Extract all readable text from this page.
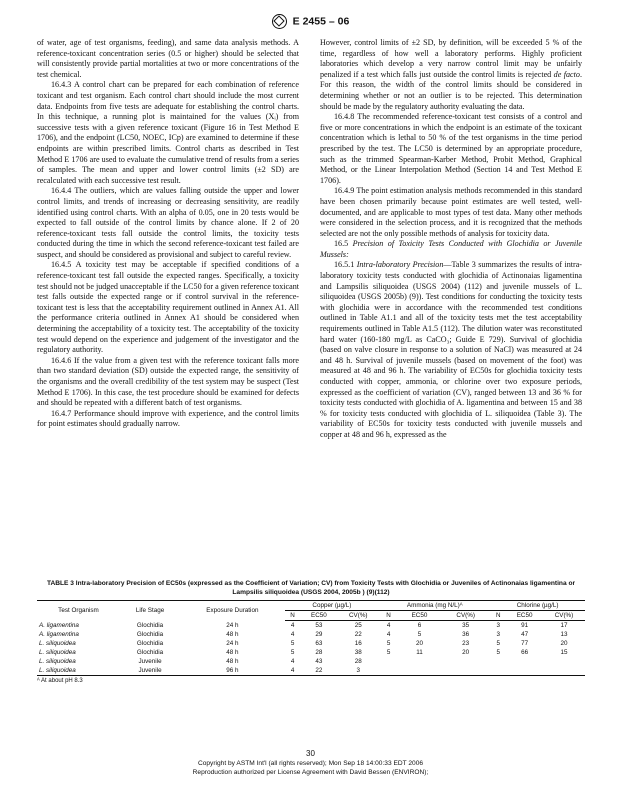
E 2455 – 06

of water, age of test organisms, feeding), and same data analysis methods. A reference-toxicant concentration series (0.5 or higher) should be selected that will consistently provide partial mortalities at two or more concentrations of the test chemical.

16.4.3 A control chart can be prepared for each combination of reference toxicant and test organism. Each control chart should include the most current data. Endpoints from five tests are adequate for establishing the control charts. In this technique, a running plot is maintained for the values (Xᵢ) from successive tests with a given reference toxicant (Figure 16 in Test Method E 1706), and the endpoint (LC50, NOEC, ICp) are examined to determine if these endpoints are within prescribed limits. Control charts as described in Test Method E 1706 are used to evaluate the cumulative trend of results from a series of samples. The mean and upper and lower control limits (±2 SD) are recalculated with each successive test result.

16.4.4 The outliers, which are values falling outside the upper and lower control limits, and trends of increasing or decreasing sensitivity, are readily identified using control charts. With an alpha of 0.05, one in 20 tests would be expected to fall outside of the control limits by chance alone. If 2 of 20 reference-toxicant tests fall outside the control limits, the toxicity tests conducted during the time in which the second reference-toxicant test failed are suspect, and should be considered as provisional and subject to careful review.

16.4.5 A toxicity test may be acceptable if specified conditions of a reference-toxicant test fall outside the expected ranges. Specifically, a toxicity test should not be judged unacceptable if the LC50 for a given reference toxicant test falls outside the expected range or if control survival in the reference-toxicant test is less that the acceptability requirement outlined in Annex A1. All the performance criteria outlined in Annex A1 should be considered when determining the acceptability of a toxicity test. The acceptability of the toxicity test would depend on the experience and judgement of the investigator and the regulatory authority.

16.4.6 If the value from a given test with the reference toxicant falls more than two standard deviation (SD) outside the expected range, the sensitivity of the organisms and the overall credibility of the test system may be suspect (Test Method E 1706). In this case, the test procedure should be examined for defects and should be repeated with a different batch of test organisms.

16.4.7 Performance should improve with experience, and the control limits for point estimates should gradually narrow.

However, control limits of ±2 SD, by definition, will be exceeded 5 % of the time, regardless of how well a laboratory performs. Highly proficient laboratories which develop a very narrow control limit may be unfairly penalized if a test which falls just outside the control limits is rejected de facto. For this reason, the width of the control limits should be considered in determining whether or not an outlier is to be rejected. This determination should be made by the regulatory authority evaluating the data.

16.4.8 The recommended reference-toxicant test consists of a control and five or more concentrations in which the endpoint is an estimate of the toxicant concentration which is lethal to 50 % of the test organisms in the time period prescribed by the test. The LC50 is determined by an appropriate procedure, such as the trimmed Spearman-Karber Method, Probit Method, Graphical Method, or the Linear Interpolation Method (Section 14 and Test Method E 1706).

16.4.9 The point estimation analysis methods recommended in this standard have been chosen primarily because point estimates are well tested, well-documented, and are applicable to most types of test data. Many other methods were considered in the selection process, and it is recognized that the methods selected are not the only possible methods of analysis for toxicity data.

16.5 Precision of Toxicity Tests Conducted with Glochidia or Juvenile Mussels:

16.5.1 Intra-laboratory Precision—Table 3 summarizes the results of intra-laboratory toxicity tests conducted with glochidia of Actinonaias ligamentina and Lampsilis siliquoidea (USGS 2004) (112) and juvenile mussels of L. siliquoidea (USGS 2005b) (9)). Test conditions for conducting the toxicity tests with glochidia were in accordance with the recommended test conditions outlined in Table A1.1 and all of the toxicity tests met the test acceptability requirements outlined in Table A1.5 (112). The dilution water was reconstituted hard water (160-180 mg/L as CaCO₃; Guide E 729). Survival of glochidia (based on valve closure in response to a solution of NaCl) was measured at 24 and 48 h. Survival of juvenile mussels (based on movement of the foot) was measured at 48 and 96 h. The variability of EC50s for glochidia toxicity tests conducted with copper, ammonia, or chlorine over two exposure periods, expressed as the coefficient of variation (CV), ranged between 13 and 36 % for toxicity tests conducted with glochidia of A. ligamentina and between 15 and 38 % for toxicity tests conducted with glochidia of L. siliquoidea (Table 3). The variability of EC50s for toxicity tests conducted with juvenile mussels and copper at 48 and 96 h, expressed as the

TABLE 3 Intra-laboratory Precision of EC50s (expressed as the Coefficient of Variation; CV) from Toxicity Tests with Glochidia or Juveniles of Actinonaias ligamentina or Lampsilis siliquoidea (USGS 2004, 2005b ) (9)(112)
Test Organism	Life Stage	Exposure Duration	Copper (µg/L)			Ammonia (mg N/L)ᴬ			Chlorine (µg/L)		
			N	EC50	CV(%)	N	EC50	CV(%)	N	EC50	CV(%)
A. ligamentina	Glochidia	24 h	4	53	25	4	6	35	3	91	17
A. ligamentina	Glochidia	48 h	4	29	22	4	5	36	3	47	13
L. siliquoidea	Glochidia	24 h	5	63	16	5	20	23	5	77	20
L. siliquoidea	Glochidia	48 h	5	28	38	5	11	20	5	66	15
L. siliquoidea	Juvenile	48 h	4	43	28						
L. siliquoidea	Juvenile	96 h	4	22	3						
ᴬ At about pH 8.3
30
Copyright by ASTM Int'l (all rights reserved); Mon Sep 18 14:00:33 EDT 2006
Reproduction authorized per License Agreement with David Bessen (ENVIRON);
